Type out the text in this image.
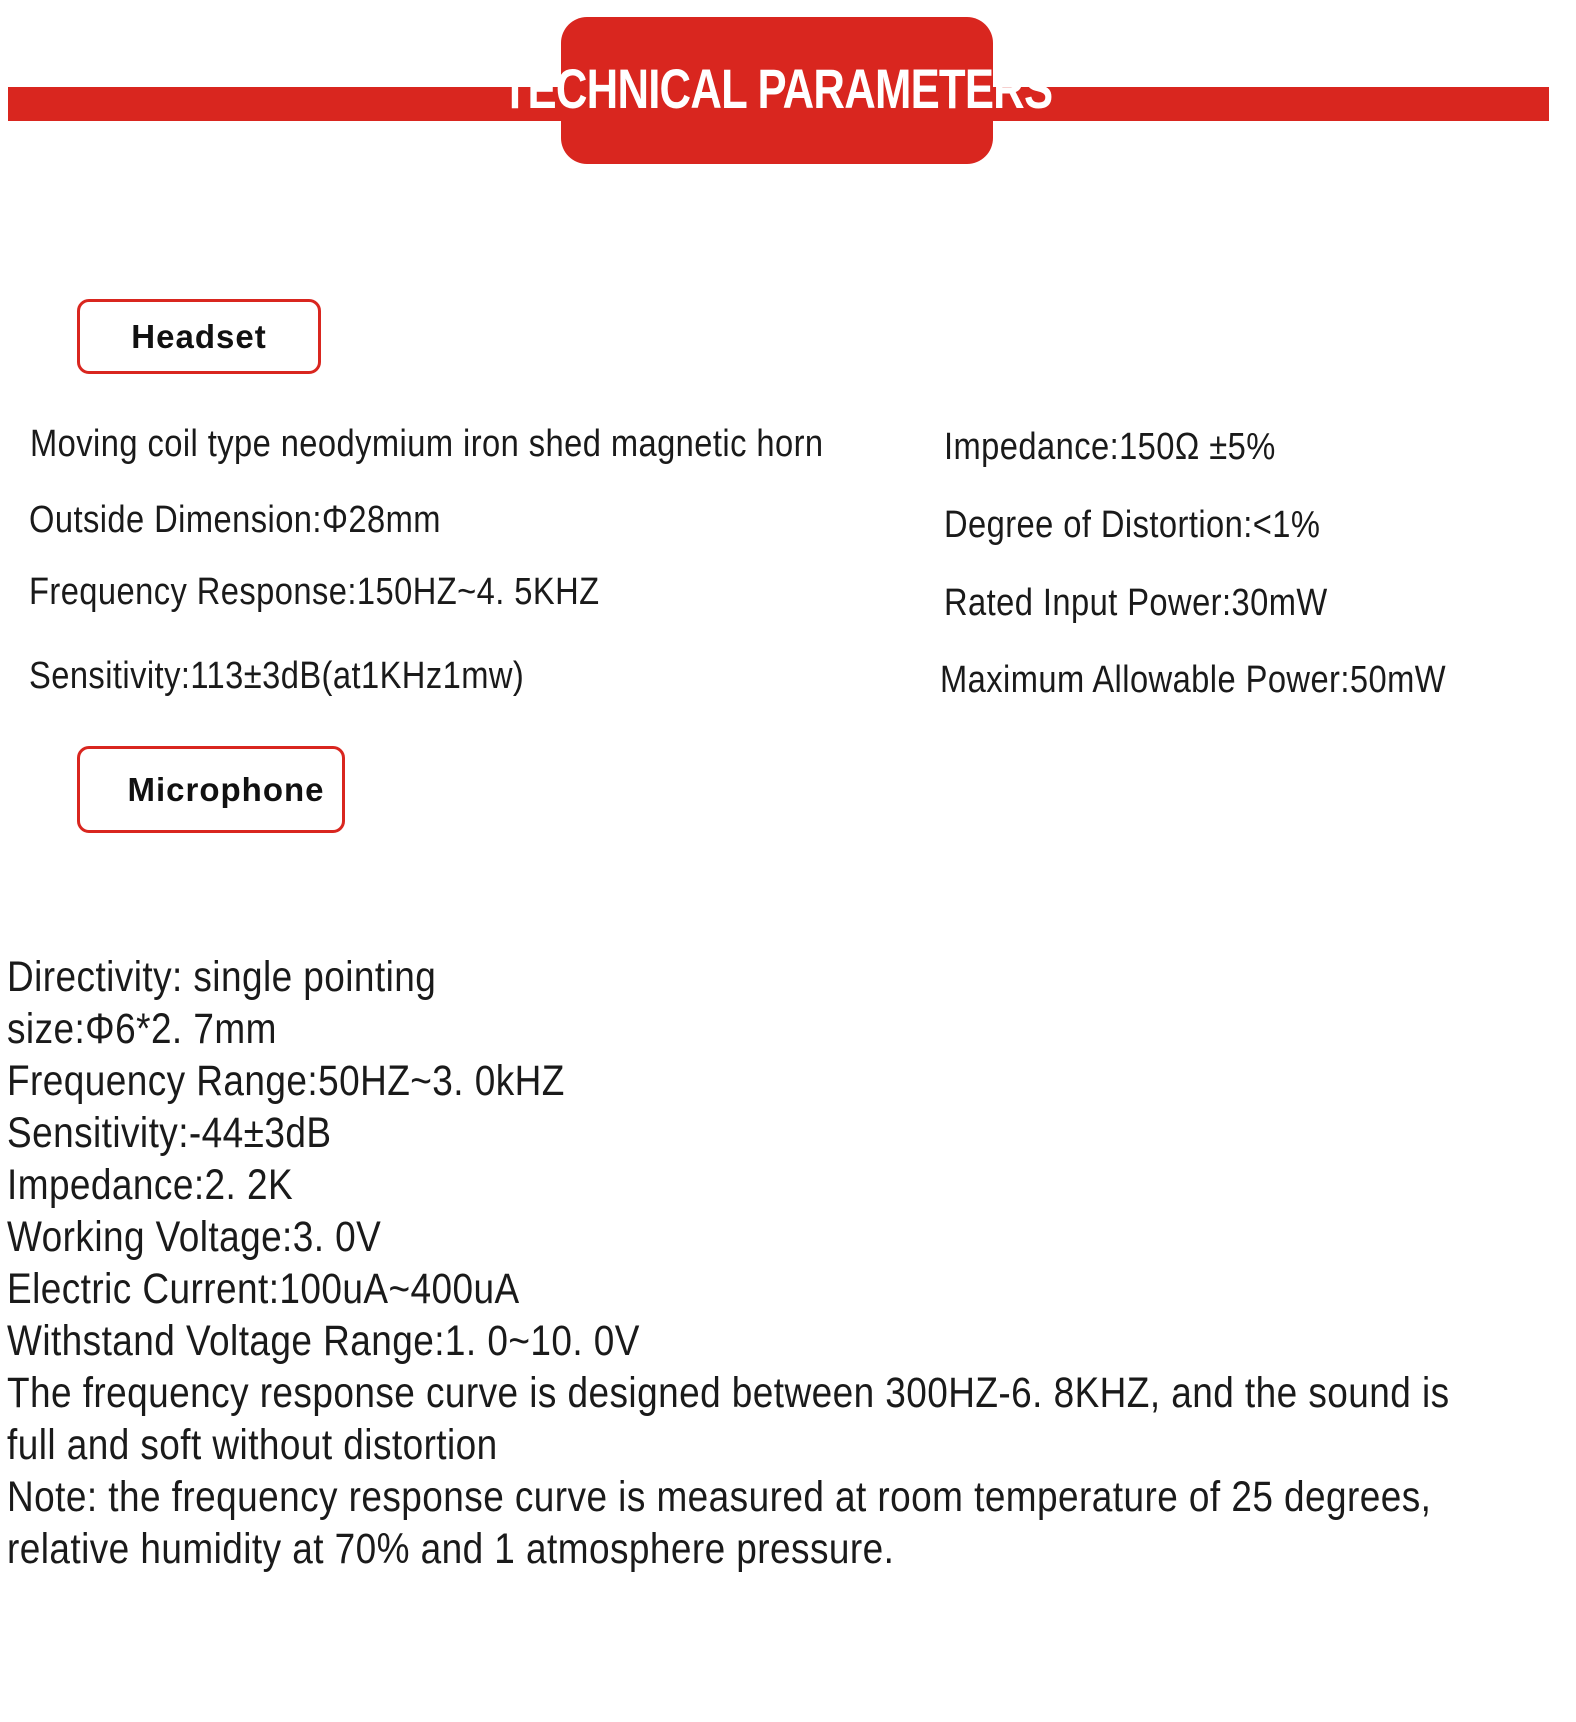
TECHNICAL PARAMETERS
Headset
Moving coil type neodymium iron shed magnetic horn
Outside Dimension:Φ28mm
Frequency Response:150HZ~4. 5KHZ
Sensitivity:113±3dB(at1KHz1mw)
Impedance:150Ω ±5%
Degree of Distortion:<1%
Rated Input Power:30mW
Maximum Allowable Power:50mW
Microphone
Directivity: single pointing
size:Φ6*2. 7mm
Frequency Range:50HZ~3. 0kHZ
Sensitivity:-44±3dB
Impedance:2. 2K
Working Voltage:3. 0V
Electric Current:100uA~400uA
Withstand Voltage Range:1. 0~10. 0V
The frequency response curve is designed between 300HZ-6. 8KHZ, and the sound is
full and soft without distortion
Note: the frequency response curve is measured at room temperature of 25 degrees,
relative humidity at 70% and 1 atmosphere pressure.
